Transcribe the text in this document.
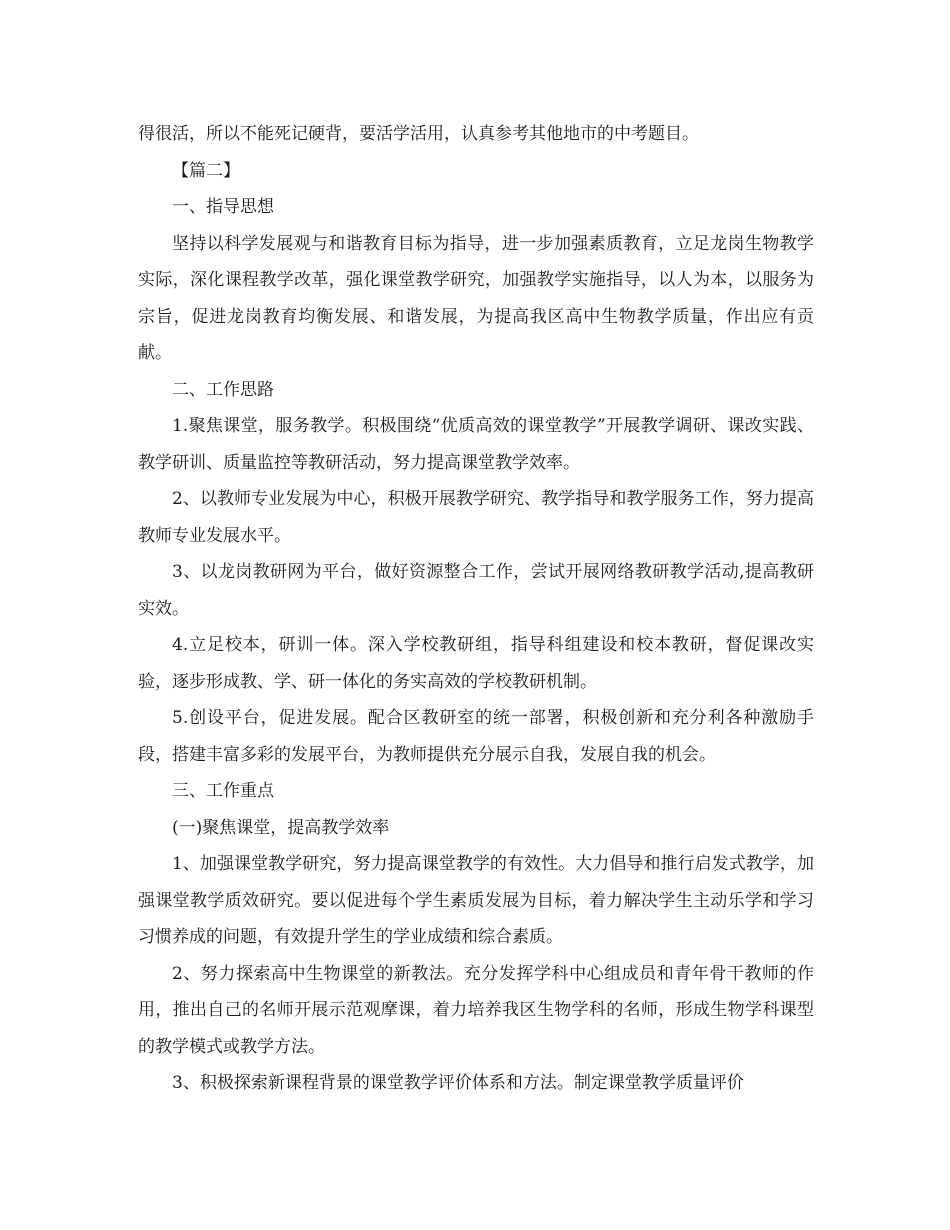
得很活，所以不能死记硬背，要活学活用，认真参考其他地市的中考题目。

【篇二】

一、指导思想

坚持以科学发展观与和谐教育目标为指导，进一步加强素质教育，立足龙岗生物教学实际，深化课程教学改革，强化课堂教学研究，加强教学实施指导，以人为本，以服务为宗旨，促进龙岗教育均衡发展、和谐发展，为提高我区高中生物教学质量，作出应有贡献。

二、工作思路

1.聚焦课堂，服务教学。积极围绕“优质高效的课堂教学”开展教学调研、课改实践、教学研训、质量监控等教研活动，努力提高课堂教学效率。

2、以教师专业发展为中心，积极开展教学研究、教学指导和教学服务工作，努力提高教师专业发展水平。

3、以龙岗教研网为平台，做好资源整合工作，尝试开展网络教研教学活动,提高教研实效。

4.立足校本，研训一体。深入学校教研组，指导科组建设和校本教研，督促课改实验，逐步形成教、学、研一体化的务实高效的学校教研机制。

5.创设平台，促进发展。配合区教研室的统一部署，积极创新和充分利各种激励手段，搭建丰富多彩的发展平台，为教师提供充分展示自我，发展自我的机会。

三、工作重点

(一)聚焦课堂，提高教学效率

1、加强课堂教学研究，努力提高课堂教学的有效性。大力倡导和推行启发式教学，加强课堂教学质效研究。要以促进每个学生素质发展为目标，着力解决学生主动乐学和学习习惯养成的问题，有效提升学生的学业成绩和综合素质。

2、努力探索高中生物课堂的新教法。充分发挥学科中心组成员和青年骨干教师的作用，推出自己的名师开展示范观摩课，着力培养我区生物学科的名师，形成生物学科课型的教学模式或教学方法。

3、积极探索新课程背景的课堂教学评价体系和方法。制定课堂教学质量评价
